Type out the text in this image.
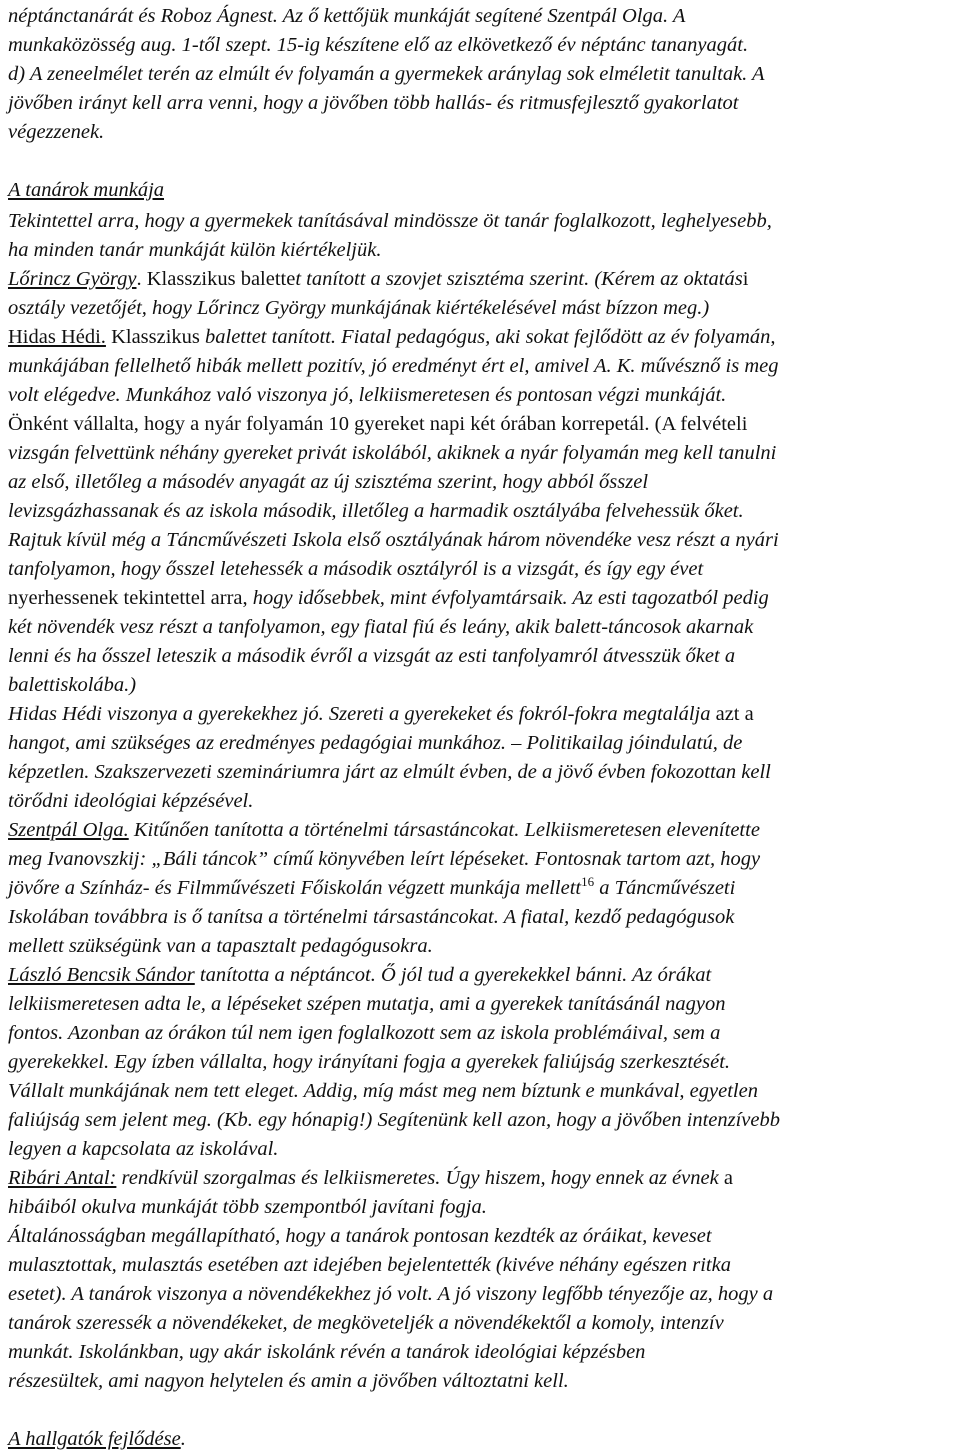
néptánctanárát és Roboz Ágnest. Az ő kettőjük munkáját segítené Szentpál Olga. A
munkaközösség aug. 1-től szept. 15-ig készítene elő az elkövetkező év néptánc tananyagát.
d) A zeneelmélet terén az elmúlt év folyamán a gyermekek aránylag sok elméletit tanultak. A
jövőben irányt kell arra venni, hogy a jövőben több hallás- és ritmusfejlesztő gyakorlatot
végezzenek.
A tanárok munkája
Tekintettel arra, hogy a gyermekek tanításával mindössze öt tanár foglalkozott, leghelyesebb,
ha minden tanár munkáját külön kiértékeljük.
Lőrincz György. Klasszikus balettet tanított a szovjet szisztéma szerint. (Kérem az oktatási
osztály vezetőjét, hogy Lőrincz György munkájának kiértékelésével mást bízzon meg.)
Hidas Hédi. Klasszikus balettet tanított. Fiatal pedagógus, aki sokat fejlődött az év folyamán,
munkájában fellelhető hibák mellett pozitív, jó eredményt ért el, amivel A. K. művésznő is meg
volt elégedve. Munkához való viszonya jó, lelkiismeretesen és pontosan végzi munkáját.
Önként vállalta, hogy a nyár folyamán 10 gyereket napi két órában korrepetál. (A felvételi
vizsgán felvettünk néhány gyereket privát iskolából, akiknek a nyár folyamán meg kell tanulni
az első, illetőleg a másodév anyagát az új szisztéma szerint, hogy abból ősszel
levizsgázhassanak és az iskola második, illetőleg a harmadik osztályába felvehessük őket.
Rajtuk kívül még a Táncművészeti Iskola első osztályának három növendéke vesz részt a nyári
tanfolyamon, hogy ősszel letehessék a második osztályról is a vizsgát, és így egy évet
nyerhessenek tekintettel arra, hogy idősebbek, mint évfolyamtársaik. Az esti tagozatból pedig
két növendék vesz részt a tanfolyamon, egy fiatal fiú és leány, akik balett-táncosok akarnak
lenni és ha ősszel leteszik a második évről a vizsgát az esti tanfolyamról átvesszük őket a
balettiskolába.)
Hidas Hédi viszonya a gyerekekhez jó. Szereti a gyerekeket és fokról-fokra megtalálja azt a
hangot, ami szükséges az eredményes pedagógiai munkához. – Politikailag jóindulatú, de
képzetlen. Szakszervezeti szemináriumra járt az elmúlt évben, de a jövő évben fokozottan kell
törődni ideológiai képzésével.
Szentpál Olga. Kitűnően tanította a történelmi társastáncokat. Lelkiismeretesen elevenítette
meg Ivanovszkij: „Báli táncok” című könyvében leírt lépéseket. Fontosnak tartom azt, hogy
jövőre a Színház- és Filmművészeti Főiskolán végzett munkája mellett$^{16}$ a Táncművészeti
Iskolában továbbra is ő tanítsa a történelmi társastáncokat. A fiatal, kezdő pedagógusok
mellett szükségünk van a tapasztalt pedagógusokra.
László Bencsik Sándor tanította a néptáncot. Ő jól tud a gyerekekkel bánni. Az órákat
lelkiismeretesen adta le, a lépéseket szépen mutatja, ami a gyerekek tanításánál nagyon
fontos. Azonban az órákon túl nem igen foglalkozott sem az iskola problémáival, sem a
gyerekekkel. Egy ízben vállalta, hogy irányítani fogja a gyerekek faliújság szerkesztését.
Vállalt munkájának nem tett eleget. Addig, míg mást meg nem bíztunk e munkával, egyetlen
faliújság sem jelent meg. (Kb. egy hónapig!) Segítenünk kell azon, hogy a jövőben intenzívebb
legyen a kapcsolata az iskolával.
Ribári Antal: rendkívül szorgalmas és lelkiismeretes. Úgy hiszem, hogy ennek az évnek a
hibáiból okulva munkáját több szempontból javítani fogja.
Általánosságban megállapítható, hogy a tanárok pontosan kezdték az óráikat, keveset
mulasztottak, mulasztás esetében azt idejében bejelentették (kivéve néhány egészen ritka
esetet). A tanárok viszonya a növendékekhez jó volt. A jó viszony legfőbb tényezője az, hogy a
tanárok szeressék a növendékeket, de megköveteljék a növendékektől a komoly, intenzív
munkát. Iskolánkban, ugy akár iskolánk révén a tanárok ideológiai képzésben
részesültek, ami nagyon helytelen és amin a jövőben változtatni kell.
A hallgatók fejlődése.
